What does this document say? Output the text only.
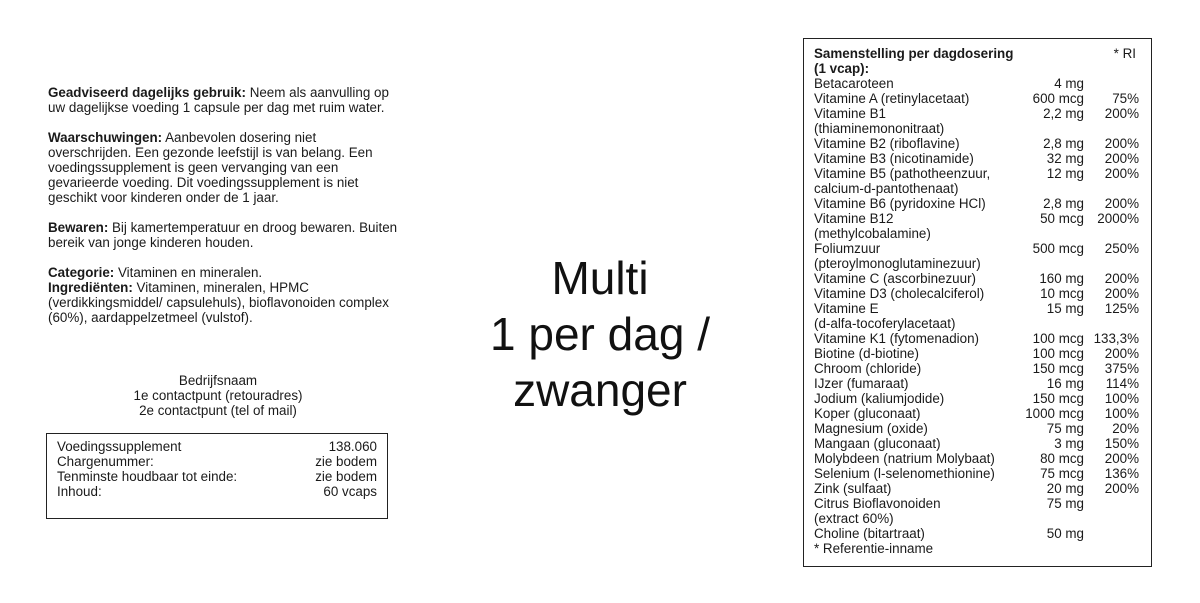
Geadviseerd dagelijks gebruik: Neem als aanvulling op uw dagelijkse voeding 1 capsule per dag met ruim water.

Waarschuwingen: Aanbevolen dosering niet overschrijden. Een gezonde leefstijl is van belang. Een voedingssupplement is geen vervanging van een gevarieerde voeding. Dit voedingssupplement is niet geschikt voor kinderen onder de 1 jaar.

Bewaren: Bij kamertemperatuur en droog bewaren. Buiten bereik van jonge kinderen houden.

Categorie: Vitaminen en mineralen.

Ingrediënten: Vitaminen, mineralen, HPMC (verdikkingsmiddel/ capsulehuls), bioflavonoiden complex (60%), aardappelzetmeel (vulstof).

Bedrijfsnaam
1e contactpunt (retouradres)
2e contactpunt (tel of mail)
Voedingssupplement	138.060
Chargenummer:	zie bodem
Tenminste houdbaar tot einde:	zie bodem
Inhoud:	60 vcaps
Multi
1 per dag /
zwanger
Samenstelling per dagdosering
(1 vcap):
* RI
Betacaroteen	4 mg
Vitamine A (retinylacetaat)	600 mcg	75%
Vitamine B1	2,2 mg	200%
(thiaminemononitraat)
Vitamine B2 (riboflavine)	2,8 mg	200%
Vitamine B3 (nicotinamide)	32 mg	200%
Vitamine B5 (pathotheenzuur,	12 mg	200%
calcium-d-pantothenaat)
Vitamine B6 (pyridoxine HCl)	2,8 mg	200%
Vitamine B12	50 mcg 2000%
(methylcobalamine)
Foliumzuur	500 mcg	250%
(pteroylmonoglutaminezuur)
Vitamine C (ascorbinezuur)	160 mg	200%
Vitamine D3 (cholecalciferol)	10 mcg	200%
Vitamine E	15 mg	125%
(d-alfa-tocoferylacetaat)
Vitamine K1 (fytomenadion)	100 mcg 133,3%
Biotine (d-biotine)	100 mcg	200%
Chroom (chloride)	150 mcg	375%
IJzer (fumaraat)	16 mg	114%
Jodium (kaliumjodide)	150 mcg	100%
Koper (gluconaat)	1000 mcg	100%
Magnesium (oxide)	75 mg	20%
Mangaan (gluconaat)	3 mg	150%
Molybdeen (natrium Molybaat)	80 mcg	200%
Selenium (l-selenomethionine)	75 mcg	136%
Zink (sulfaat)	20 mg	200%
Citrus Bioflavonoiden	75 mg
(extract 60%)
Choline (bitartraat)	50 mg
* Referentie-inname
